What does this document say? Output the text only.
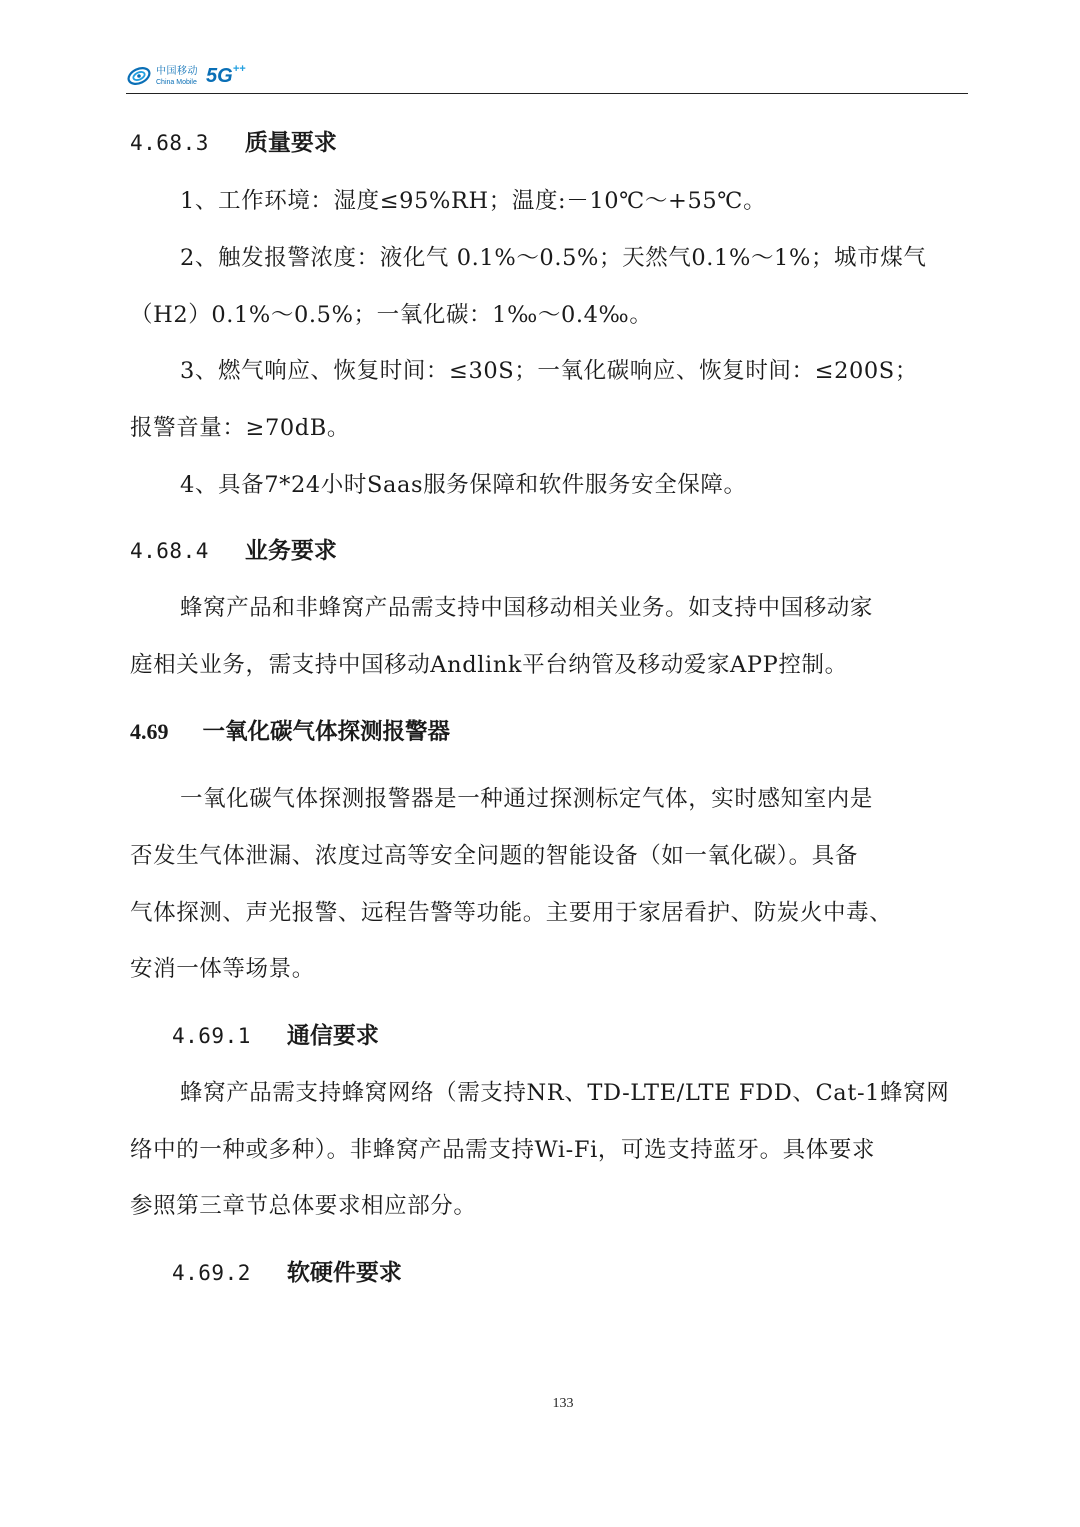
中国移动
China Mobile 5G++
4.68.3 质量要求
1、工作环境：湿度≤95%RH；温度:－10℃～+55℃。
2、触发报警浓度：液化气 0.1%～0.5%；天然气0.1%～1%；城市煤气
（H2）0.1%～0.5%；一氧化碳：1‰～0.4‰。
3、燃气响应、恢复时间：≤30S；一氧化碳响应、恢复时间：≤200S；
报警音量：≥70dB。
4、具备7*24小时Saas服务保障和软件服务安全保障。
4.68.4 业务要求
蜂窝产品和非蜂窝产品需支持中国移动相关业务。如支持中国移动家
庭相关业务，需支持中国移动Andlink平台纳管及移动爱家APP控制。
4.69 一氧化碳气体探测报警器
一氧化碳气体探测报警器是一种通过探测标定气体，实时感知室内是
否发生气体泄漏、浓度过高等安全问题的智能设备（如一氧化碳）。具备
气体探测、声光报警、远程告警等功能。主要用于家居看护、防炭火中毒、
安消一体等场景。
4.69.1 通信要求
蜂窝产品需支持蜂窝网络（需支持NR、TD-LTE/LTE FDD、Cat-1蜂窝网
络中的一种或多种）。非蜂窝产品需支持Wi-Fi，可选支持蓝牙。具体要求
参照第三章节总体要求相应部分。
4.69.2 软硬件要求
133
